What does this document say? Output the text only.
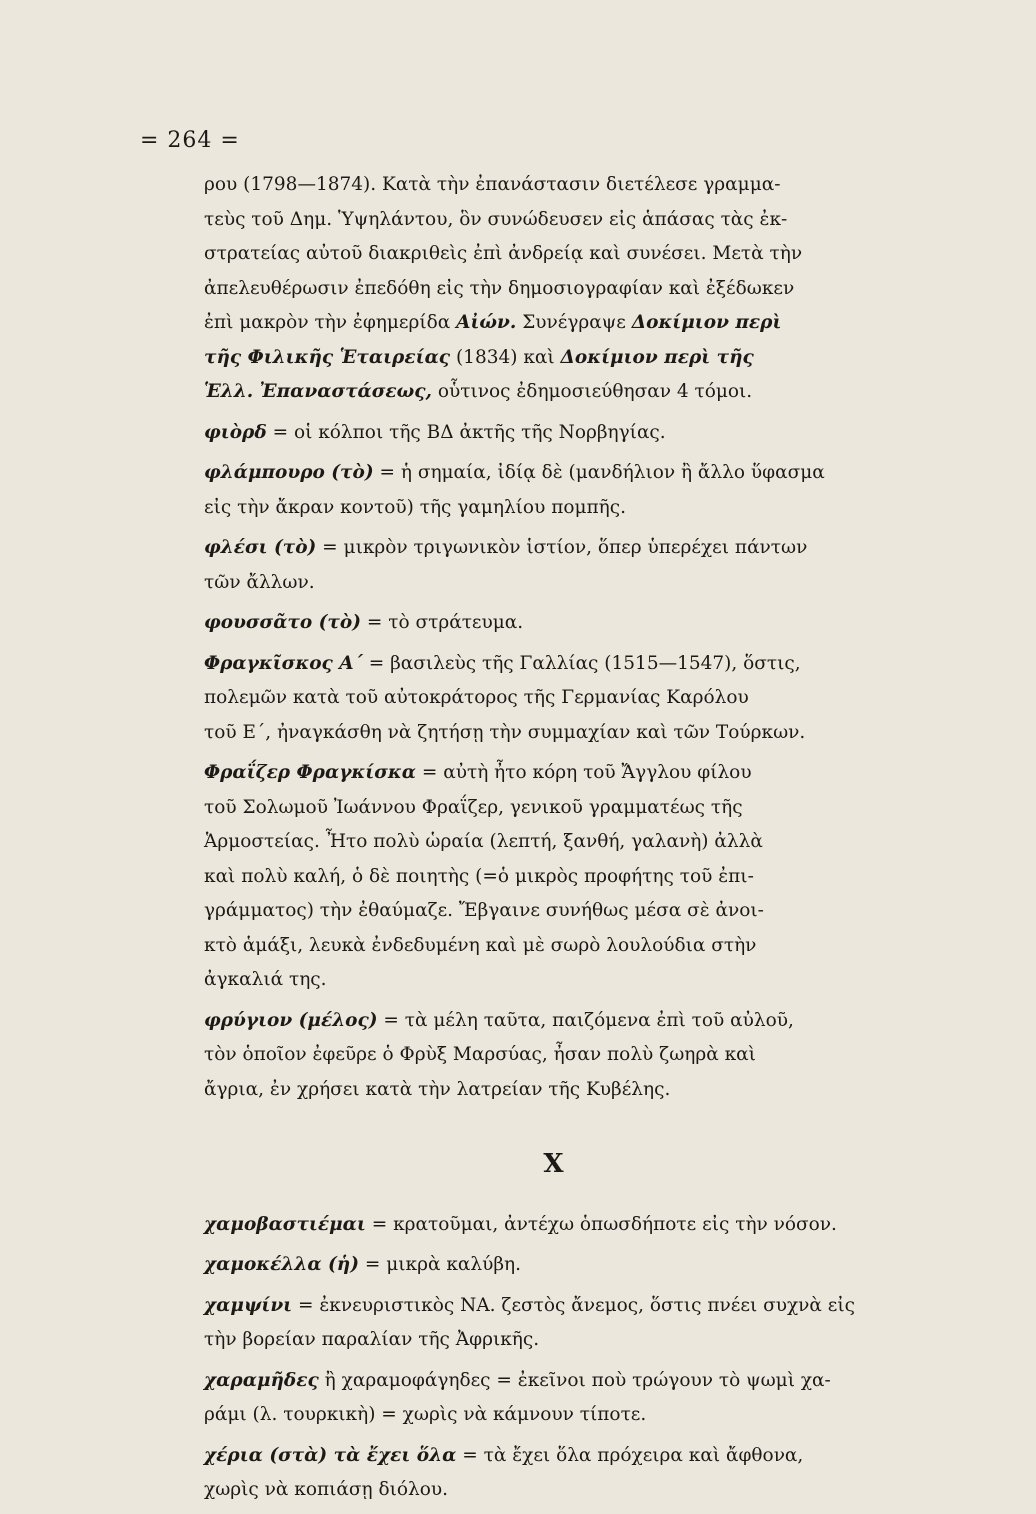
= 264 =

ρου (1798—1874). Κατὰ τὴν ἐπανάστασιν διετέλεσε γραμμα-

τεὺς τοῦ Δημ. Ὑψηλάντου, ὃν συνώδευσεν εἰς ἁπάσας τὰς ἐκ-

στρατείας αὐτοῦ διακριθεὶς ἐπὶ ἀνδρείᾳ καὶ συνέσει. Μετὰ τὴν

ἀπελευθέρωσιν ἐπεδόθη εἰς τὴν δημοσιογραφίαν καὶ ἐξέδωκεν

ἐπὶ μακρὸν τὴν ἐφημερίδα Αἰών. Συνέγραψε Δοκίμιον περὶ

τῆς Φιλικῆς Ἑταιρείας (1834) καὶ Δοκίμιον περὶ τῆς

Ἑλλ. Ἐπαναστάσεως, οὗτινος ἐδημοσιεύθησαν 4 τόμοι.

φιὸρδ = οἱ κόλποι τῆς ΒΔ ἀκτῆς τῆς Νορβηγίας.

φλάμπουρο (τὸ) = ἡ σημαία, ἰδίᾳ δὲ (μανδήλιον ἢ ἄλλο ὕφασμα

εἰς τὴν ἄκραν κοντοῦ) τῆς γαμηλίου πομπῆς.

φλέσι (τὸ) = μικρὸν τριγωνικὸν ἱστίον, ὅπερ ὑπερέχει πάντων

τῶν ἄλλων.

φουσσᾶτο (τὸ) = τὸ στράτευμα.

Φραγκῖσκος Α΄ = βασιλεὺς τῆς Γαλλίας (1515—1547), ὅστις,

πολεμῶν κατὰ τοῦ αὐτοκράτορος τῆς Γερμανίας Καρόλου

τοῦ Ε΄, ἠναγκάσθη νὰ ζητήσῃ τὴν συμμαχίαν καὶ τῶν Τούρκων.

Φραΐζερ Φραγκίσκα = αὐτὴ ἦτο κόρη τοῦ Ἄγγλου φίλου

τοῦ Σολωμοῦ Ἰωάννου Φραΐζερ, γενικοῦ γραμματέως τῆς

Ἁρμοστείας. Ἦτο πολὺ ὡραία (λεπτή, ξανθή, γαλανὴ) ἀλλὰ

καὶ πολὺ καλή, ὁ δὲ ποιητὴς (=ὁ μικρὸς προφήτης τοῦ ἐπι-

γράμματος) τὴν ἐθαύμαζε. Ἔβγαινε συνήθως μέσα σὲ ἀνοι-

κτὸ ἁμάξι, λευκὰ ἐνδεδυμένη καὶ μὲ σωρὸ λουλούδια στὴν

ἀγκαλιά της.

φρύγιον (μέλος) = τὰ μέλη ταῦτα, παιζόμενα ἐπὶ τοῦ αὐλοῦ,

τὸν ὁποῖον ἐφεῦρε ὁ Φρὺξ Μαρσύας, ἦσαν πολὺ ζωηρὰ καὶ

ἄγρια, ἐν χρήσει κατὰ τὴν λατρείαν τῆς Κυβέλης.

X

χαμοβαστιέμαι = κρατοῦμαι, ἀντέχω ὁπωσδήποτε εἰς τὴν νόσον.

χαμοκέλλα (ἡ) = μικρὰ καλύβη.

χαμψίνι = ἐκνευριστικὸς ΝΑ. ζεστὸς ἄνεμος, ὅστις πνέει συχνὰ εἰς

τὴν βορείαν παραλίαν τῆς Ἀφρικῆς.

χαραμῆδες ἢ χαραμοφάγηδες = ἐκεῖνοι ποὺ τρώγουν τὸ ψωμὶ χα-

ράμι (λ. τουρκικὴ) = χωρὶς νὰ κάμνουν τίποτε.

χέρια (στὰ) τὰ ἔχει ὅλα = τὰ ἔχει ὅλα πρόχειρα καὶ ἄφθονα,

χωρὶς νὰ κοπιάσῃ διόλου.
